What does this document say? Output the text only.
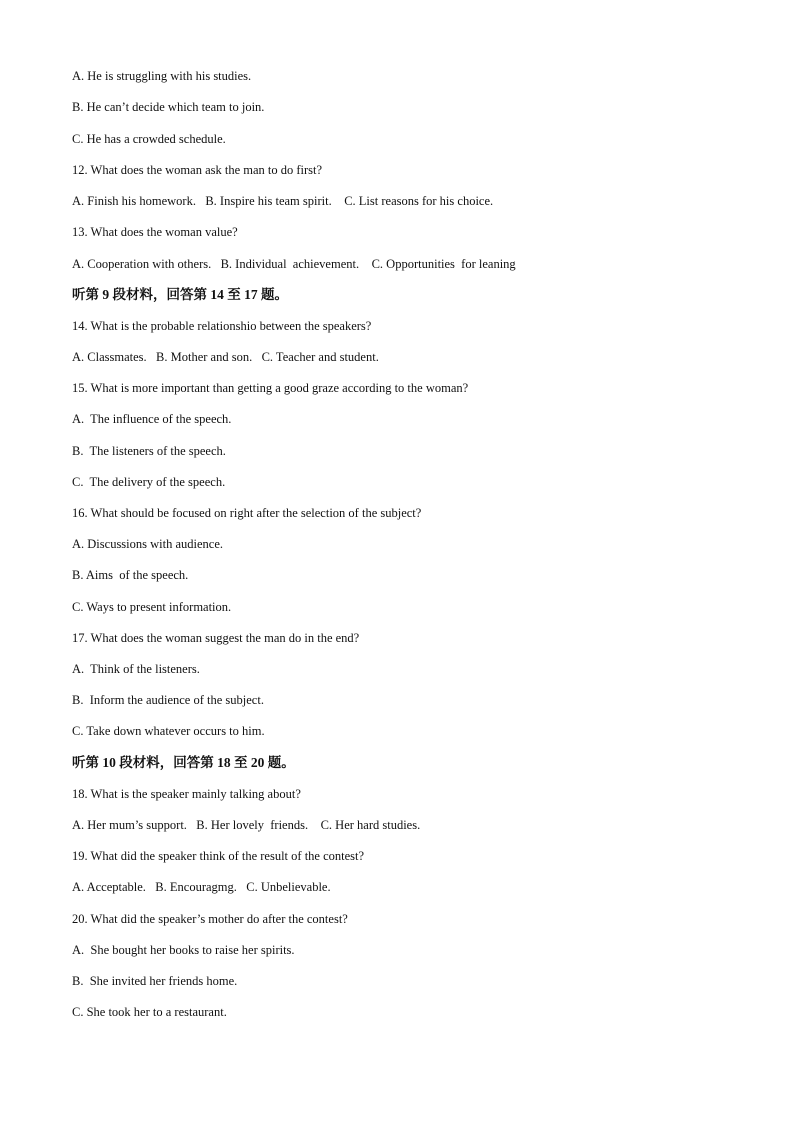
A. He is struggling with his studies.
B. He can’t decide which team to join.
C. He has a crowded schedule.
12. What does the woman ask the man to do first?
A. Finish his homework.   B. Inspire his team spirit.    C. List reasons for his choice.
13. What does the woman value?
A. Cooperation with others.   B. Individual  achievement.    C. Opportunities  for leaning
听第 9 段材料，回答第 14 至 17 题。
14. What is the probable relationshio between the speakers?
A. Classmates.   B. Mother and son.   C. Teacher and student.
15. What is more important than getting a good graze according to the woman?
A.  The influence of the speech.
B.  The listeners of the speech.
C.  The delivery of the speech.
16. What should be focused on right after the selection of the subject?
A. Discussions with audience.
B. Aims  of the speech.
C. Ways to present information.
17. What does the woman suggest the man do in the end?
A.  Think of the listeners.
B.  Inform the audience of the subject.
C. Take down whatever occurs to him.
听第 10 段材料，回答第 18 至 20 题。
18. What is the speaker mainly talking about?
A. Her mum’s support.   B. Her lovely  friends.    C. Her hard studies.
19. What did the speaker think of the result of the contest?
A. Acceptable.   B. Encouragmg.   C. Unbelievable.
20. What did the speaker’s mother do after the contest?
A.  She bought her books to raise her spirits.
B.  She invited her friends home.
C. She took her to a restaurant.
